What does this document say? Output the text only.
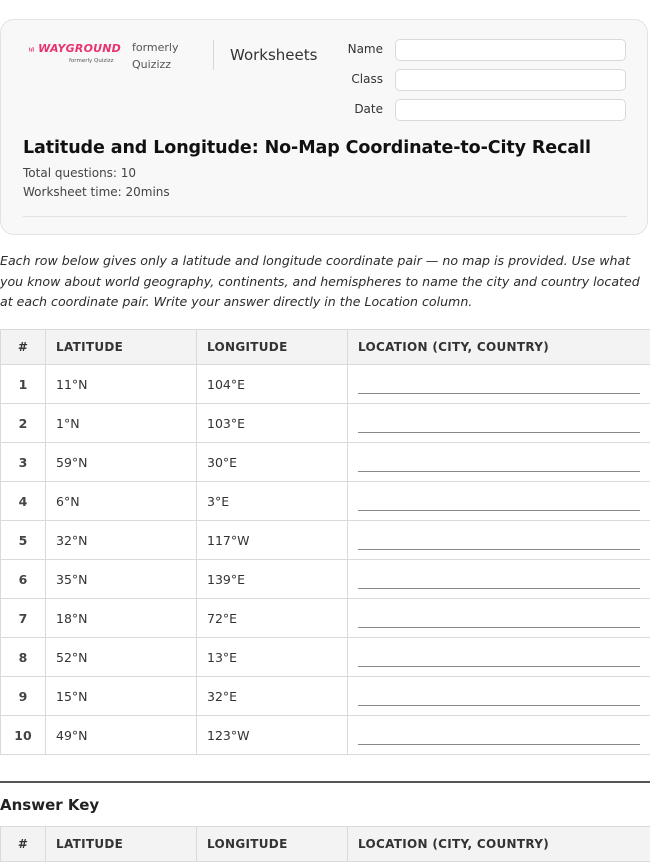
WAYGROUND
formerly Quizizz
formerly Quizizz
Worksheets	Name
Class
Date
Latitude and Longitude: No-Map Coordinate-to-City Recall
Total questions: 10
Worksheet time: 20mins
Each row below gives only a latitude and longitude coordinate pair — no map is provided. Use what you know about world geography, continents, and hemispheres to name the city and country located at each coordinate pair. Write your answer directly in the Location column.
#	LATITUDE	LONGITUDE	LOCATION (CITY, COUNTRY)
1	11°N	104°E	

2	1°N	103°E	

3	59°N	30°E	

4	6°N	3°E	

5	32°N	117°W	

6	35°N	139°E	

7	18°N	72°E	

8	52°N	13°E	

9	15°N	32°E	

10	49°N	123°W	
Answer Key
#	LATITUDE	LONGITUDE	LOCATION (CITY, COUNTRY)
